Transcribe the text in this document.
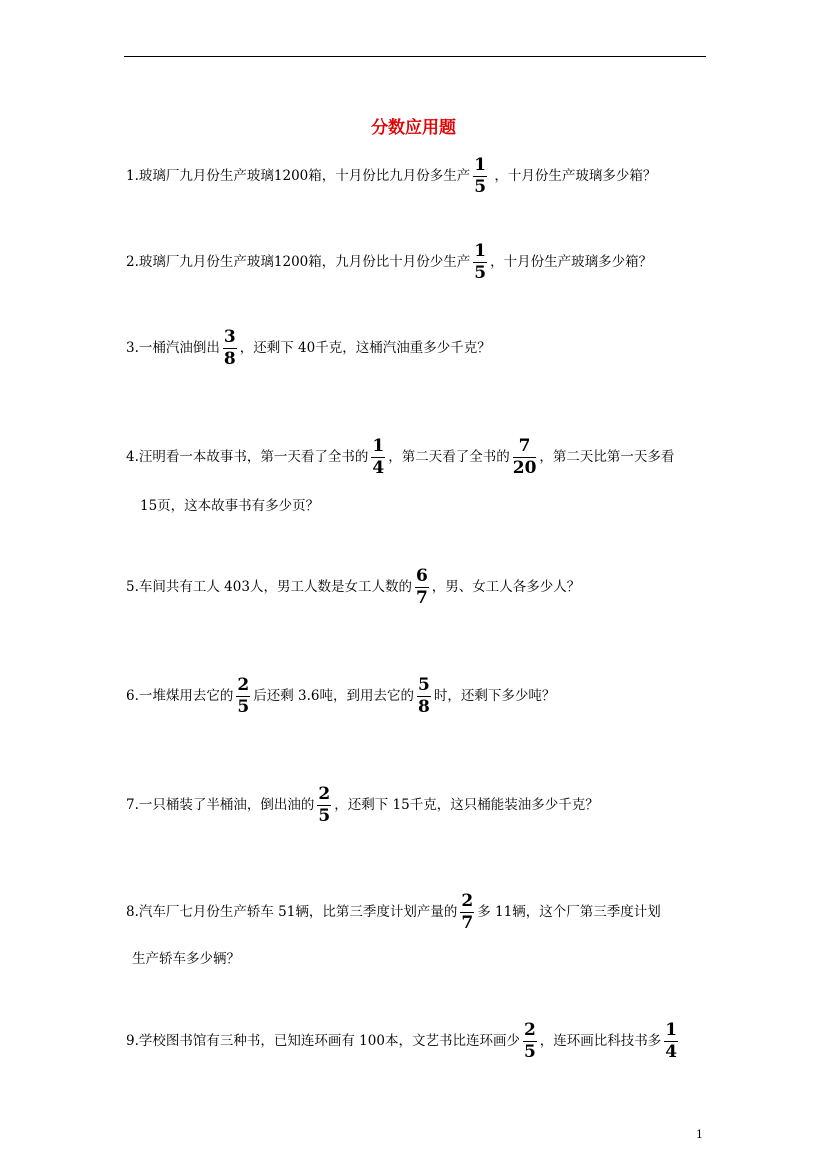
分数应用题
1.玻璃厂九月份生产玻璃1200箱，十月份比九月份多生产 $\frac{1}{5}$ ，十月份生产玻璃多少箱？
2.玻璃厂九月份生产玻璃1200箱，九月份比十月份少生产 $\frac{1}{5}$ ，十月份生产玻璃多少箱？
3.一桶汽油倒出 $\frac{3}{8}$ ，还剩下 40千克，这桶汽油重多少千克？
4.汪明看一本故事书，第一天看了全书的 $\frac{1}{4}$ ，第二天看了全书的 $\frac{7}{20}$ ，第二天比第一天多看
15页，这本故事书有多少页？
5.车间共有工人 403人，男工人数是女工人数的 $\frac{6}{7}$ ，男、女工人各多少人？
6.一堆煤用去它的 $\frac{2}{5}$ 后还剩 3.6吨，到用去它的 $\frac{5}{8}$ 时，还剩下多少吨？
7.一只桶装了半桶油，倒出油的 $\frac{2}{5}$ ，还剩下 15千克，这只桶能装油多少千克？
8.汽车厂七月份生产轿车 51辆，比第三季度计划产量的 $\frac{2}{7}$ 多 11辆，这个厂第三季度计划
生产轿车多少辆？
9.学校图书馆有三种书，已知连环画有 100本，文艺书比连环画少 $\frac{2}{5}$ ，连环画比科技书多 $\frac{1}{4}$
1
